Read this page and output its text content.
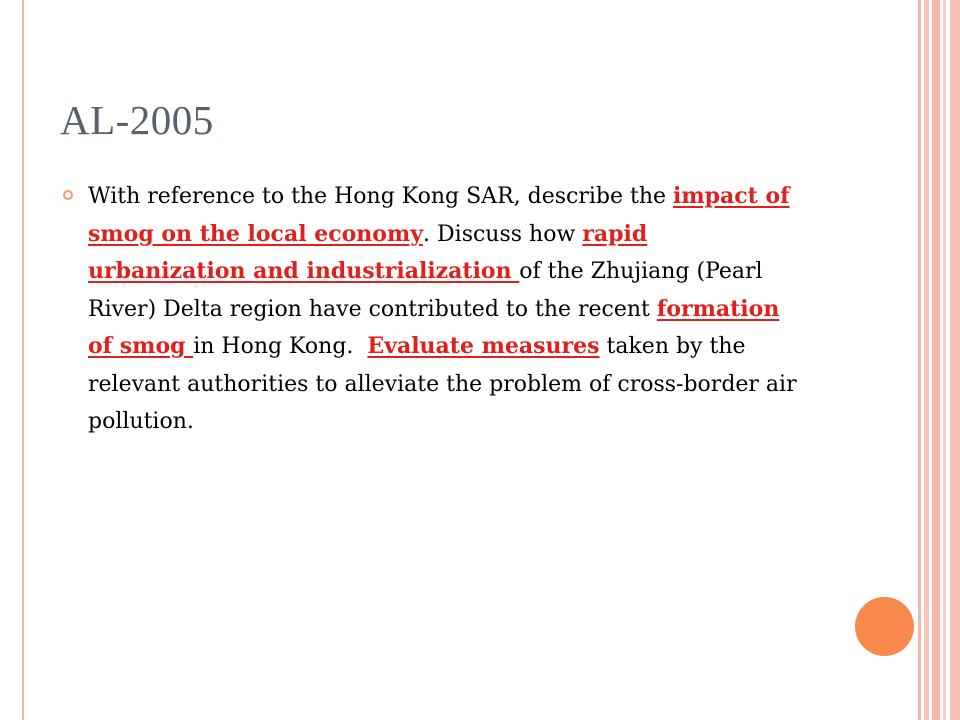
AL-2005

With reference to the Hong Kong SAR, describe the impact of smog on the local economy. Discuss how rapid urbanization and industrialization of the Zhujiang (Pearl River) Delta region have contributed to the recent formation of smog in Hong Kong.  Evaluate measures taken by the relevant authorities to alleviate the problem of cross-border air pollution.
